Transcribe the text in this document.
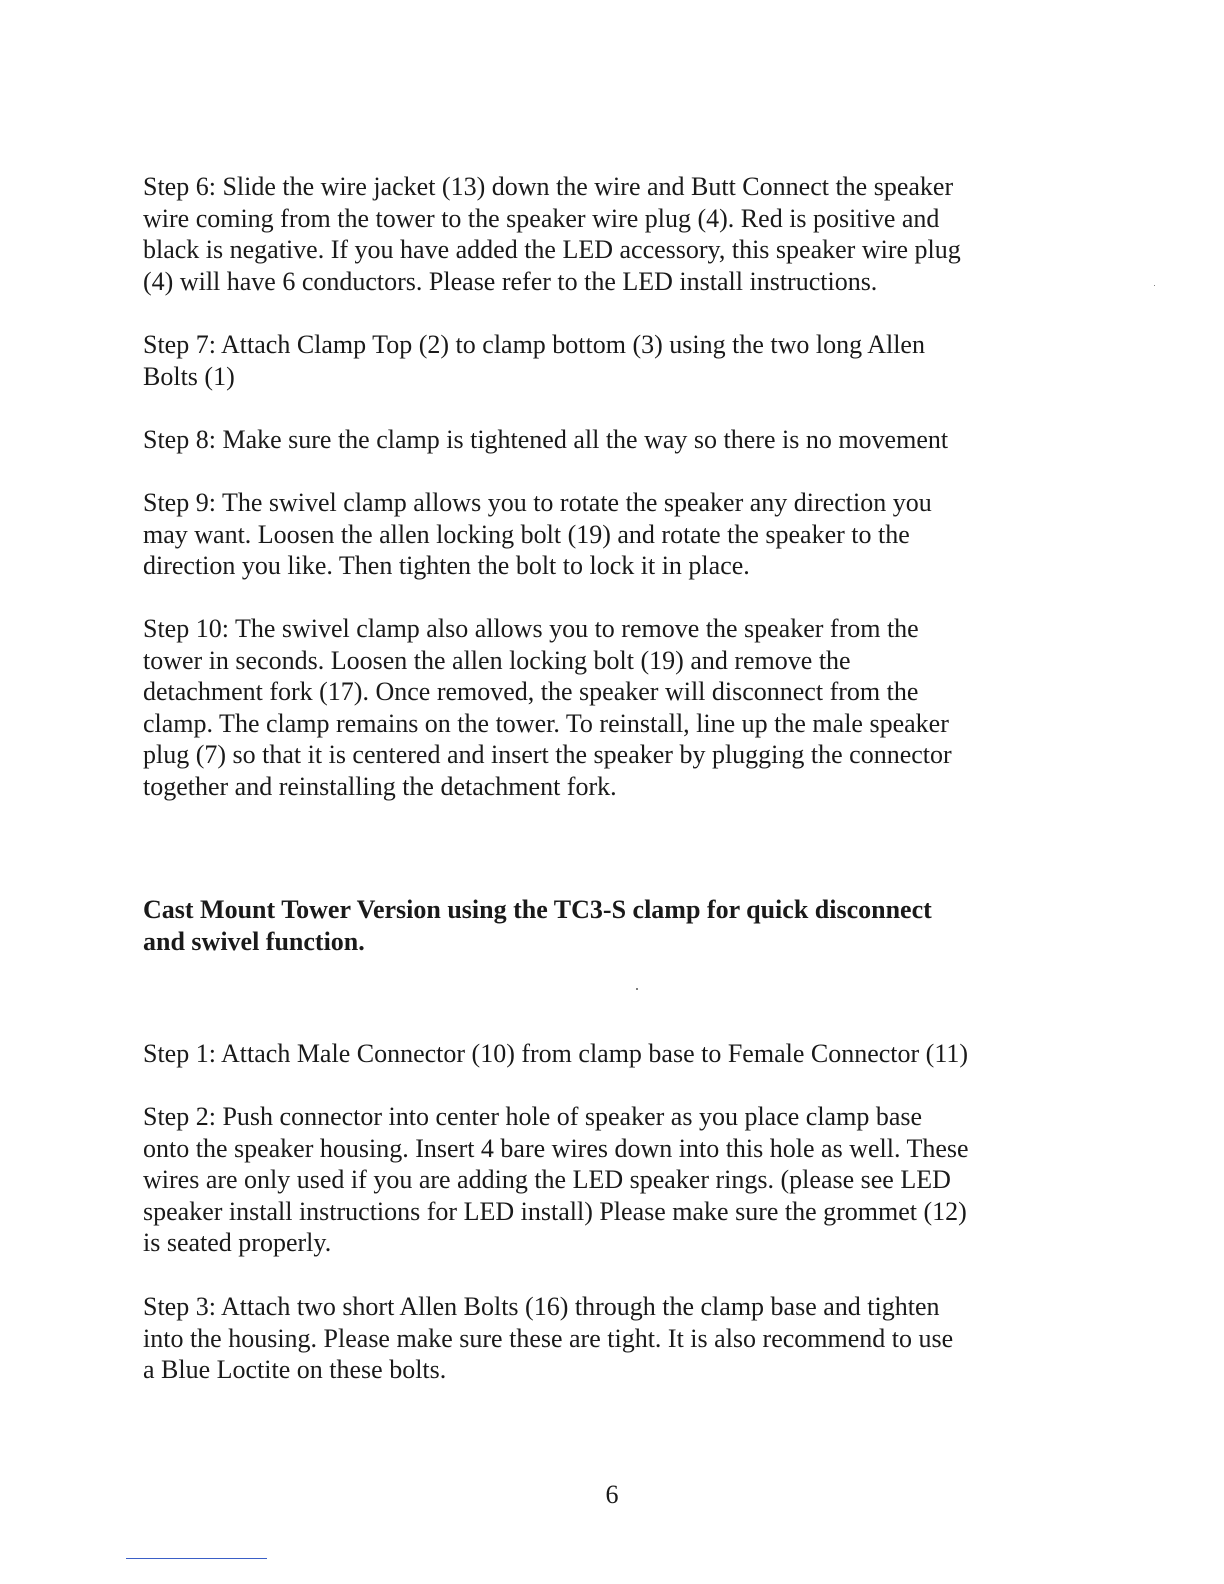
Step 6: Slide the wire jacket (13) down the wire and Butt Connect the speaker
wire coming from the tower to the speaker wire plug (4). Red is positive and
black is negative. If you have added the LED accessory, this speaker wire plug
(4) will have 6 conductors. Please refer to the LED install instructions.

Step 7: Attach Clamp Top (2) to clamp bottom (3) using the two long Allen
Bolts (1)

Step 8: Make sure the clamp is tightened all the way so there is no movement

Step 9: The swivel clamp allows you to rotate the speaker any direction you
may want. Loosen the allen locking bolt (19) and rotate the speaker to the
direction you like. Then tighten the bolt to lock it in place.

Step 10: The swivel clamp also allows you to remove the speaker from the
tower in seconds. Loosen the allen locking bolt (19) and remove the
detachment fork (17). Once removed, the speaker will disconnect from the
clamp. The clamp remains on the tower. To reinstall, line up the male speaker
plug (7) so that it is centered and insert the speaker by plugging the connector
together and reinstalling the detachment fork.

Cast Mount Tower Version using the TC3-S clamp for quick disconnect
and swivel function.

Step 1: Attach Male Connector (10) from clamp base to Female Connector (11)

Step 2: Push connector into center hole of speaker as you place clamp base
onto the speaker housing. Insert 4 bare wires down into this hole as well. These
wires are only used if you are adding the LED speaker rings. (please see LED
speaker install instructions for LED install) Please make sure the grommet (12)
is seated properly.

Step 3: Attach two short Allen Bolts (16) through the clamp base and tighten
into the housing. Please make sure these are tight. It is also recommend to use
a Blue Loctite on these bolts.

6
